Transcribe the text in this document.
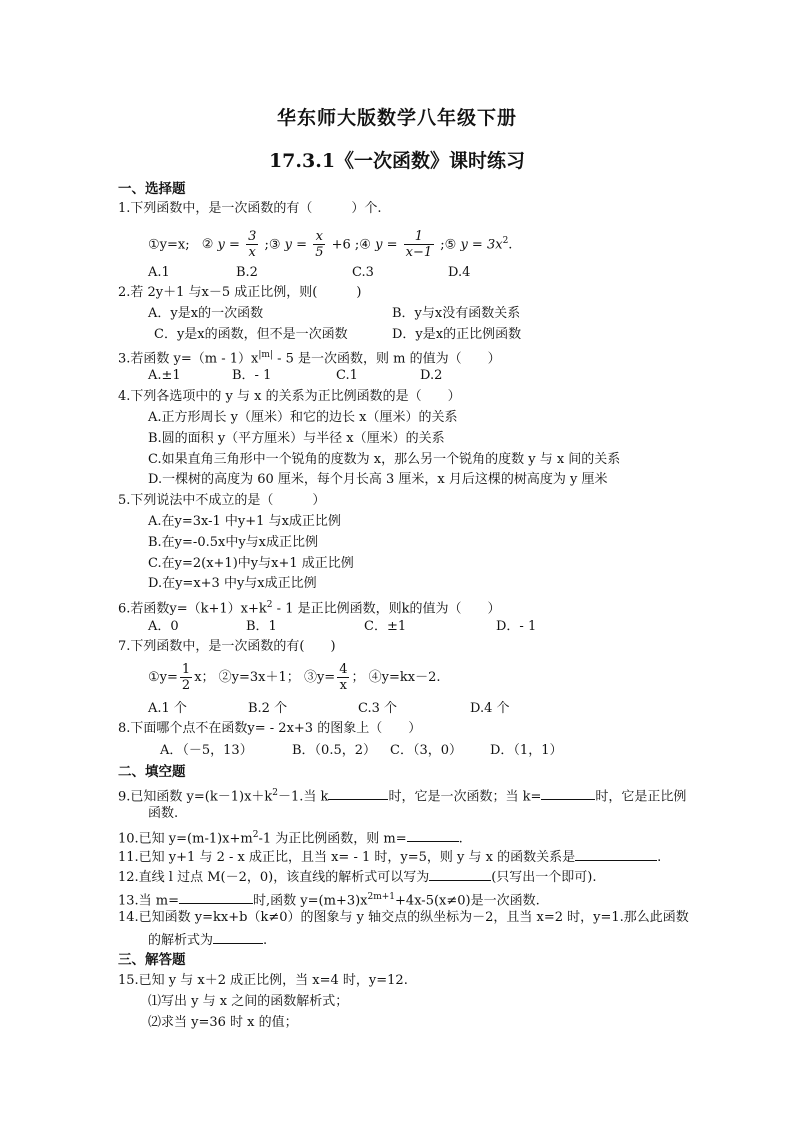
华东师大版数学八年级下册
17.3.1《一次函数》课时练习
一、选择题
1.下列函数中，是一次函数的有（　　　）个.
①y=x; ② $y = \frac{3}{x}$ ;③ $y = \frac{x}{5} +6$ ;④ $y = \frac{1}{x-1}$ ;⑤ $y = 3x^2$.
A.1	B.2	C.3	D.4
2.若 2y＋1 与x－5 成正比例，则(　　　)
A．y是x的一次函数	B．y与x没有函数关系
C．y是x的函数，但不是一次函数	D．y是x的正比例函数
3.若函数 $y=(m - 1)x^{|m|} - 5$ 是一次函数，则 m 的值为（　　）
A.±1	B．- 1	C.1	D.2
4.下列各选项中的 y 与 x 的关系为正比例函数的是（　　）
A.正方形周长 y（厘米）和它的边长 x（厘米）的关系
B.圆的面积 y（平方厘米）与半径 x（厘米）的关系
C.如果直角三角形中一个锐角的度数为 x，那么另一个锐角的度数 y 与 x 间的关系
D.一棵树的高度为 60 厘米，每个月长高 3 厘米，x 月后这棵的树高度为 y 厘米
5.下列说法中不成立的是（　　　）
A.在y=3x-1 中y+1 与x成正比例
B.在y=-0.5x中y与x成正比例
C.在y=2(x+1)中y与x+1 成正比例
D.在y=x+3 中y与x成正比例
6.若函数$y=(k+1)x+k^2 - 1$ 是正比例函数，则k的值为（　　）
A．0	B．1	C．±1	D．- 1
7.下列函数中，是一次函数的有(　　)
①y= $\frac{1}{2}$ x； ②y=3x＋1； ③y= $\frac{4}{x}$ ； ④y=kx－2.
A.1 个	B.2 个	C.3 个	D.4 个
8.下面哪个点不在函数y= - 2x+3 的图象上（　　）
A．（－5，13）	B．（0.5，2） C．（3，0） D．（1，1）
二、填空题
9.已知函数 $y=(k-1)x+k^2-1$.当 k	时，它是一次函数；当 k=	时，它是正比例
函数.
10.已知 $y=(m-1)x+m^2-1$ 为正比例函数，则 m=	.
11.已知 y+1 与 2 - x 成正比，且当 x= - 1 时，y=5，则 y 与 x 的函数关系是	.
12.直线 l 过点 M(－2，0)，该直线的解析式可以写为	(只写出一个即可).
13.当 m=	时,函数 $y=(m+3)x^{2m+1}+4x-5(x\ne 0)$是一次函数.
14.已知函数 y=kx+b（k≠0）的图象与 y 轴交点的纵坐标为－2，且当 x=2 时，y=1.那么此函数
的解析式为	.
三、解答题
15.已知 y 与 x＋2 成正比例，当 x=4 时，y=12.
⑴写出 y 与 x 之间的函数解析式；
⑵求当 y=36 时 x 的值；
